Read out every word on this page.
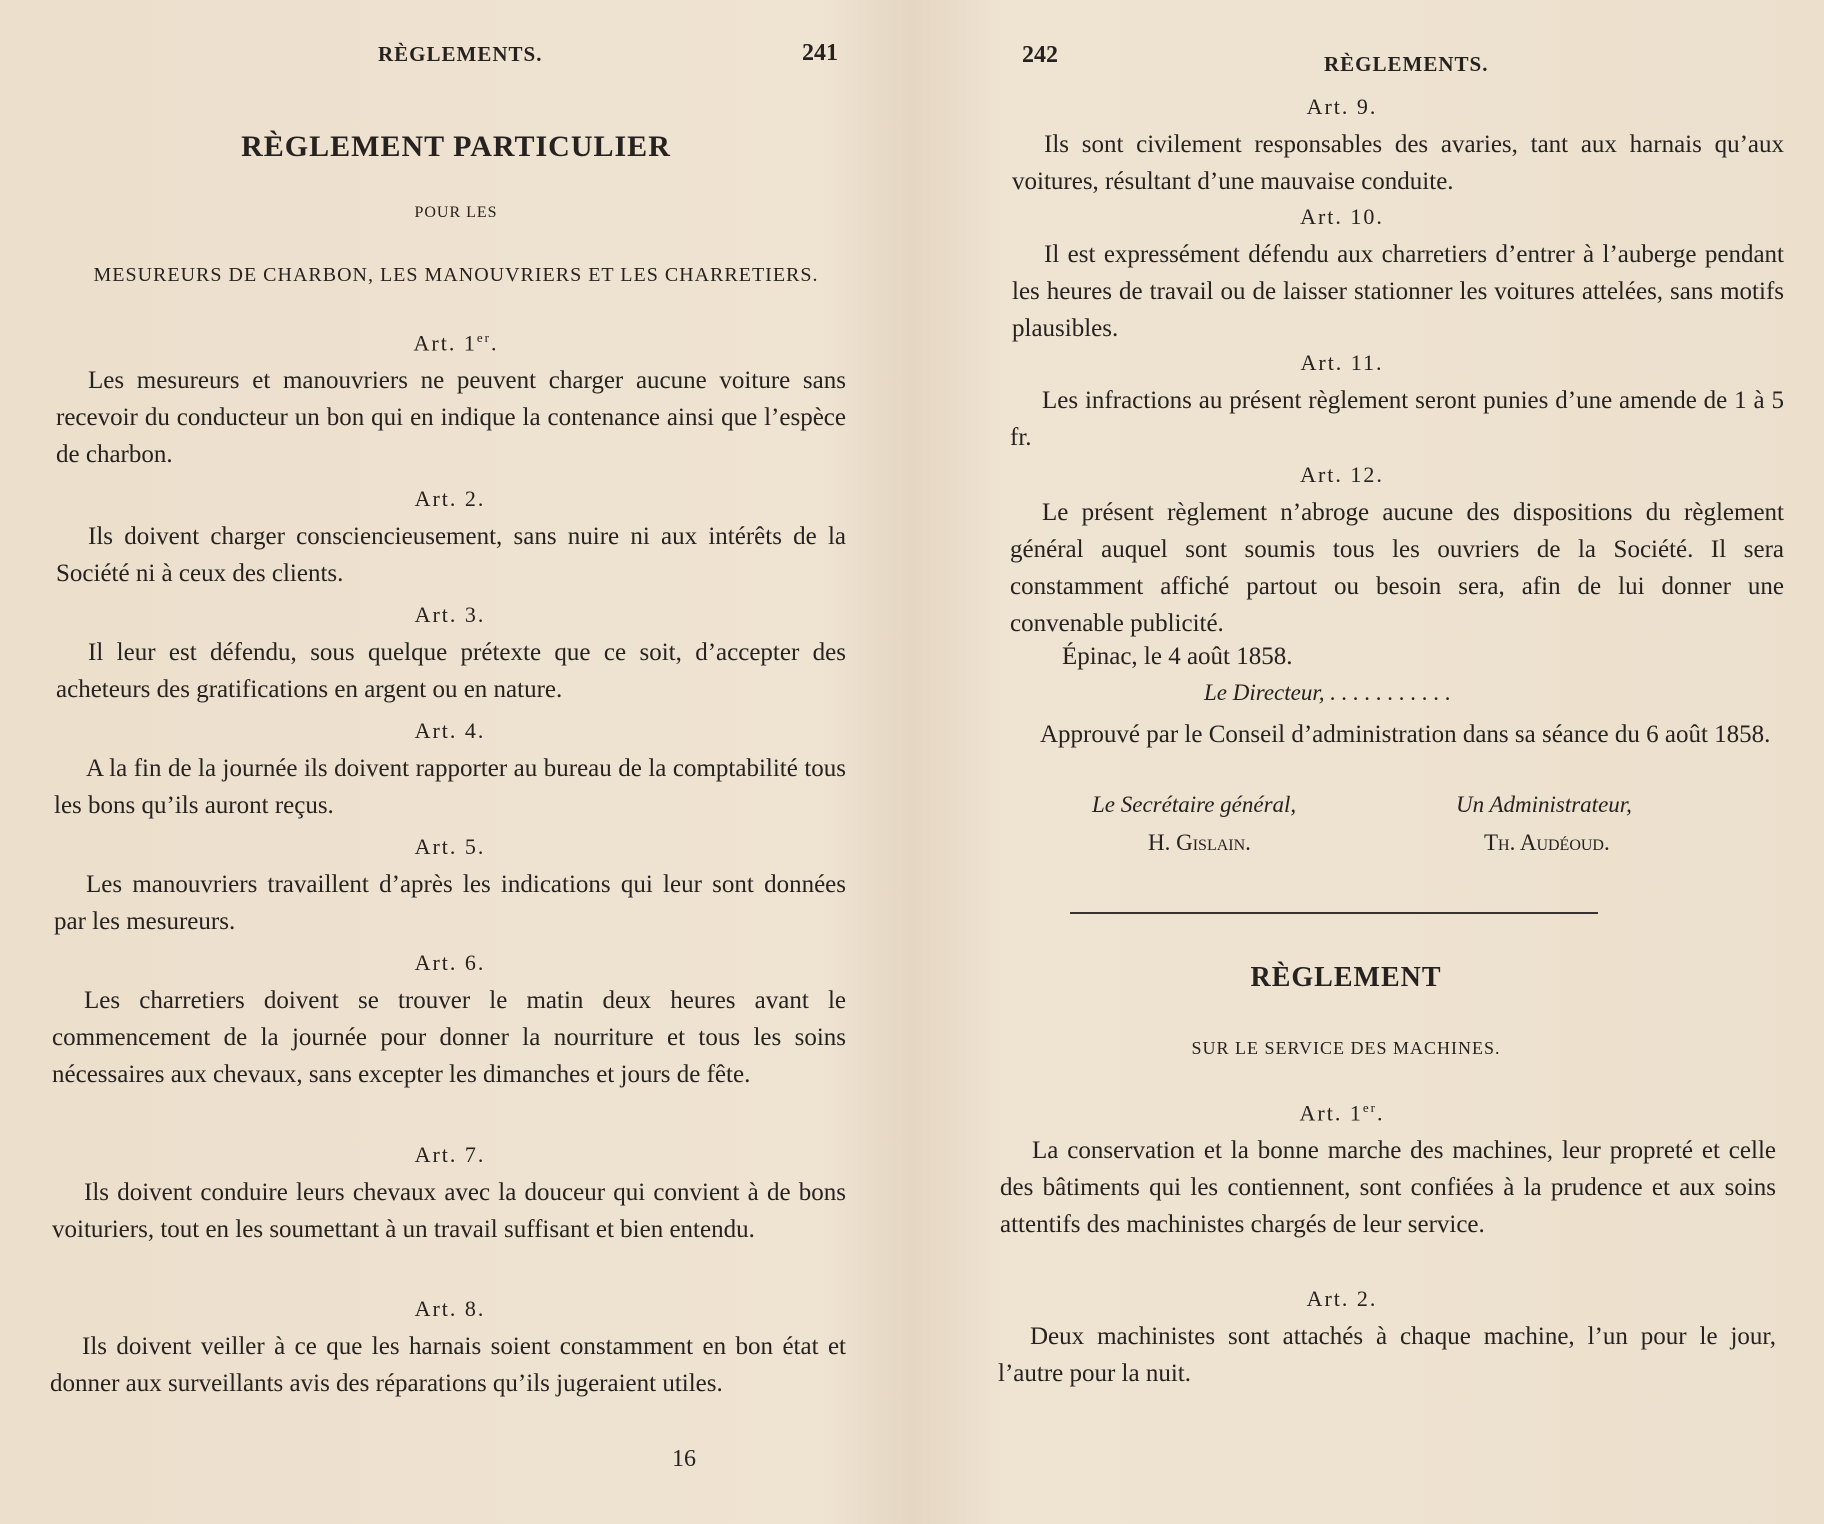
RÈGLEMENTS.	241
RÈGLEMENT PARTICULIER
POUR LES
MESUREURS DE CHARBON, LES MANOUVRIERS ET LES CHARRETIERS.
Art. 1er.

Les mesureurs et manouvriers ne peuvent charger aucune voiture sans recevoir du conducteur un bon qui en indique la contenance ainsi que l’espèce de charbon.

Art. 2.

Ils doivent charger consciencieusement, sans nuire ni aux intérêts de la Société ni à ceux des clients.

Art. 3.

Il leur est défendu, sous quelque prétexte que ce soit, d’accepter des acheteurs des gratifications en argent ou en nature.

Art. 4.

A la fin de la journée ils doivent rapporter au bureau de la comptabilité tous les bons qu’ils auront reçus.

Art. 5.

Les manouvriers travaillent d’après les indications qui leur sont données par les mesureurs.

Art. 6.

Les charretiers doivent se trouver le matin deux heures avant le commencement de la journée pour donner la nourriture et tous les soins nécessaires aux chevaux, sans excepter les dimanches et jours de fête.

Art. 7.

Ils doivent conduire leurs chevaux avec la douceur qui convient à de bons voituriers, tout en les soumettant à un travail suffisant et bien entendu.

Art. 8.

Ils doivent veiller à ce que les harnais soient constamment en bon état et donner aux surveillants avis des réparations qu’ils jugeraient utiles.

16
242	RÈGLEMENTS.
Art. 9.

Ils sont civilement responsables des avaries, tant aux harnais qu’aux voitures, résultant d’une mauvaise conduite.

Art. 10.

Il est expressément défendu aux charretiers d’entrer à l’auberge pendant les heures de travail ou de laisser stationner les voitures attelées, sans motifs plausibles.

Art. 11.

Les infractions au présent règlement seront punies d’une amende de 1 à 5 fr.

Art. 12.

Le présent règlement n’abroge aucune des dispositions du règlement général auquel sont soumis tous les ouvriers de la Société. Il sera constamment affiché partout ou besoin sera, afin de lui donner une convenable publicité.

Épinac, le 4 août 1858.
Le Directeur, . . . . . . . . . . .

Approuvé par le Conseil d’administration dans sa séance du 6 août 1858.

Le Secrétaire général,
H. Gislain.
Un Administrateur,
Th. Audéoud.
RÈGLEMENT
SUR LE SERVICE DES MACHINES.
Art. 1er.

La conservation et la bonne marche des machines, leur propreté et celle des bâtiments qui les contiennent, sont confiées à la prudence et aux soins attentifs des machinistes chargés de leur service.

Art. 2.

Deux machinistes sont attachés à chaque machine, l’un pour le jour, l’autre pour la nuit.
